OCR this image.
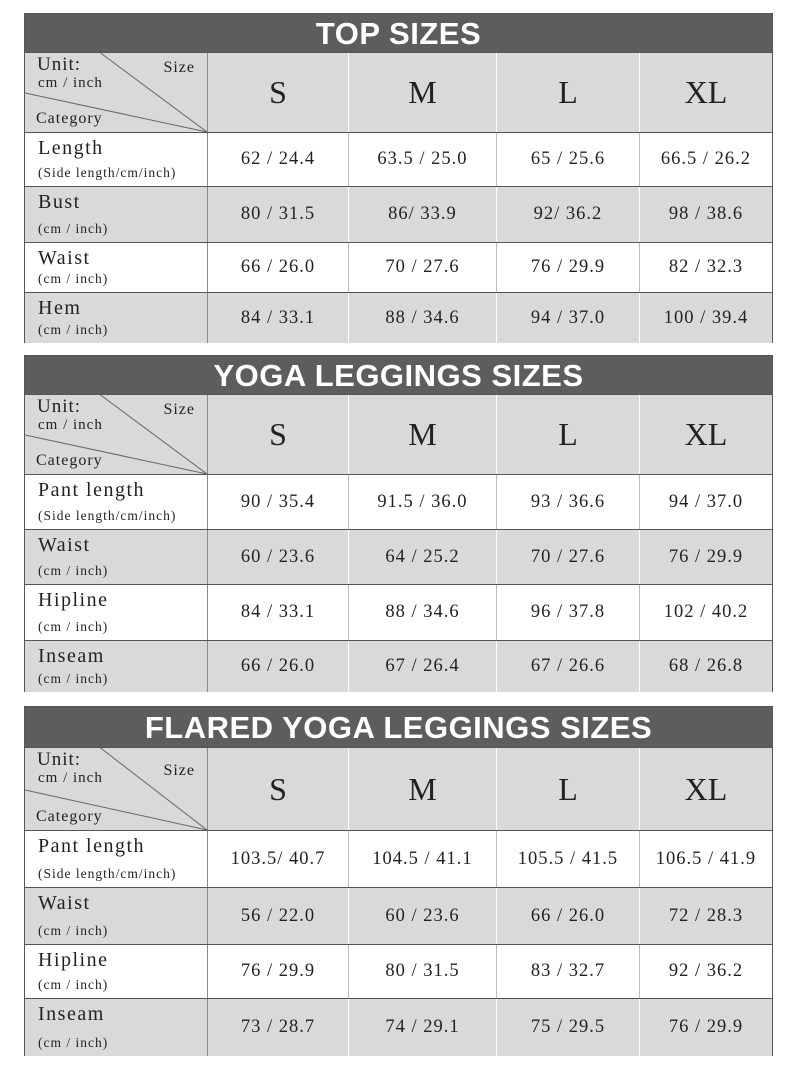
TOP SIZES
Unit:
cm / inch
Size
Category
S	M	L	XL
Length
(Side length/cm/inch)
62 / 24.4	63.5 / 25.0	65 / 25.6	66.5 / 26.2
Bust
(cm / inch)
80 / 31.5	86/ 33.9	92/ 36.2	98 / 38.6
Waist
(cm / inch)
66 / 26.0	70 / 27.6	76 / 29.9	82 / 32.3
Hem
(cm / inch)
84 / 33.1	88 / 34.6	94 / 37.0	100 / 39.4
YOGA LEGGINGS SIZES
Unit:
cm / inch
Size
Category
S	M	L	XL
Pant length
(Side length/cm/inch)
90 / 35.4	91.5 / 36.0	93 / 36.6	94 / 37.0
Waist
(cm / inch)
60 / 23.6	64 / 25.2	70 / 27.6	76 / 29.9
Hipline
(cm / inch)
84 / 33.1	88 / 34.6	96 / 37.8	102 / 40.2
Inseam
(cm / inch)
66 / 26.0	67 / 26.4	67 / 26.6	68 / 26.8
FLARED YOGA LEGGINGS SIZES
Unit:
cm / inch	Size
Category
S	M	L	XL
Pant length
(Side length/cm/inch)
103.5/ 40.7	104.5 / 41.1	105.5 / 41.5	106.5 / 41.9
Waist
(cm / inch)
56 / 22.0	60 / 23.6	66 / 26.0	72 / 28.3
Hipline
(cm / inch)
76 / 29.9	80 / 31.5	83 / 32.7	92 / 36.2
Inseam
(cm / inch)
73 / 28.7	74 / 29.1	75 / 29.5	76 / 29.9
